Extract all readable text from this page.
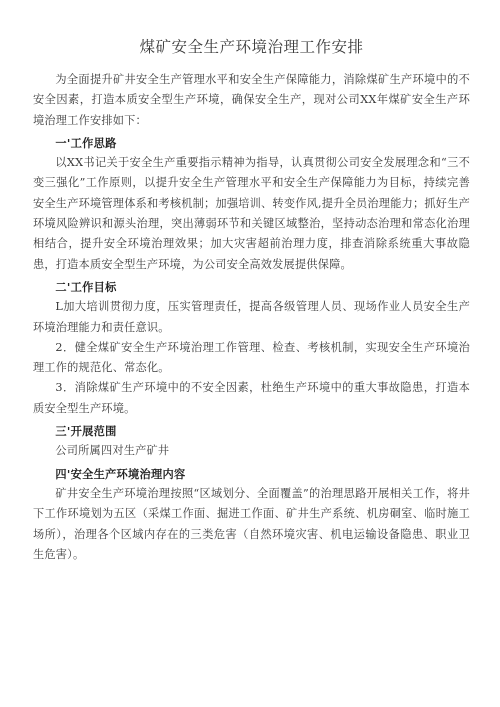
煤矿安全生产环境治理工作安排

为全面提升矿井安全生产管理水平和安全生产保障能力，消除煤矿生产环境中的不安全因素，打造本质安全型生产环境，确保安全生产，现对公司XX年煤矿安全生产环境治理工作安排如下：

一'工作思路

以XX书记关于安全生产重要指示精神为指导，认真贯彻公司安全发展理念和“三不变三强化”工作原则，以提升安全生产管理水平和安全生产保障能力为目标，持续完善安全生产环境管理体系和考核机制；加强培训、转变作风,提升全员治理能力；抓好生产环境风险辨识和源头治理，突出薄弱环节和关键区域整治，坚持动态治理和常态化治理相结合，提升安全环境治理效果；加大灾害超前治理力度，排查消除系统重大事故隐患，打造本质安全型生产环境，为公司安全高效发展提供保障。

二'工作目标

L加大培训贯彻力度，压实管理责任，提高各级管理人员、现场作业人员安全生产环境治理能力和责任意识。

2．健全煤矿安全生产环境治理工作管理、检查、考核机制，实现安全生产环境治理工作的规范化、常态化。

3．消除煤矿生产环境中的不安全因素，杜绝生产环境中的重大事故隐患，打造本质安全型生产环境。

三'开展范围

公司所属四对生产矿井

四'安全生产环境治理内容

矿井安全生产环境治理按照“区域划分、全面覆盖”的治理思路开展相关工作，将井下工作环境划为五区（采煤工作面、掘进工作面、矿井生产系统、机房硐室、临时施工场所），治理各个区域内存在的三类危害（自然环境灾害、机电运输设备隐患、职业卫生危害）。
